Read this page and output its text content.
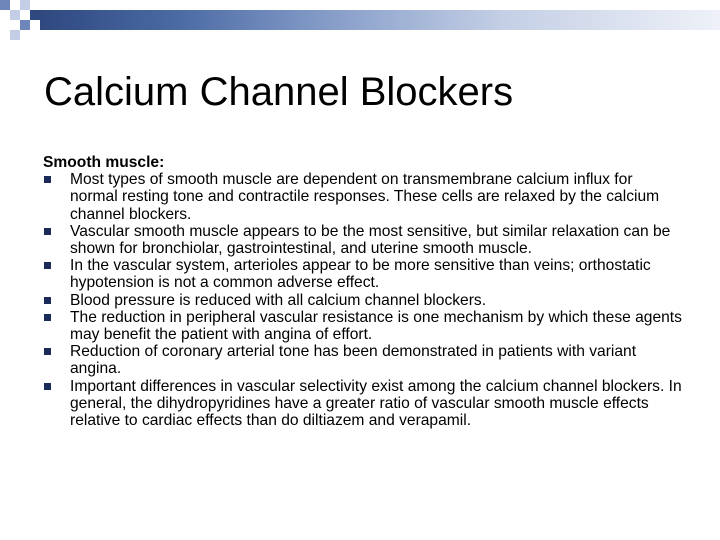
Calcium Channel Blockers
Smooth muscle:
Most types of smooth muscle are dependent on transmembrane calcium influx for normal resting tone and contractile responses. These cells are relaxed by the calcium channel blockers.
Vascular smooth muscle appears to be the most sensitive, but similar relaxation can be shown for bronchiolar, gastrointestinal, and uterine smooth muscle.
In the vascular system, arterioles appear to be more sensitive than veins; orthostatic hypotension is not a common adverse effect.
Blood pressure is reduced with all calcium channel blockers.
The reduction in peripheral vascular resistance is one mechanism by which these agents may benefit the patient with angina of effort.
Reduction of coronary arterial tone has been demonstrated in patients with variant angina.
Important differences in vascular selectivity exist among the calcium channel blockers. In general, the dihydropyridines have a greater ratio of vascular smooth muscle effects relative to cardiac effects than do diltiazem and verapamil.
